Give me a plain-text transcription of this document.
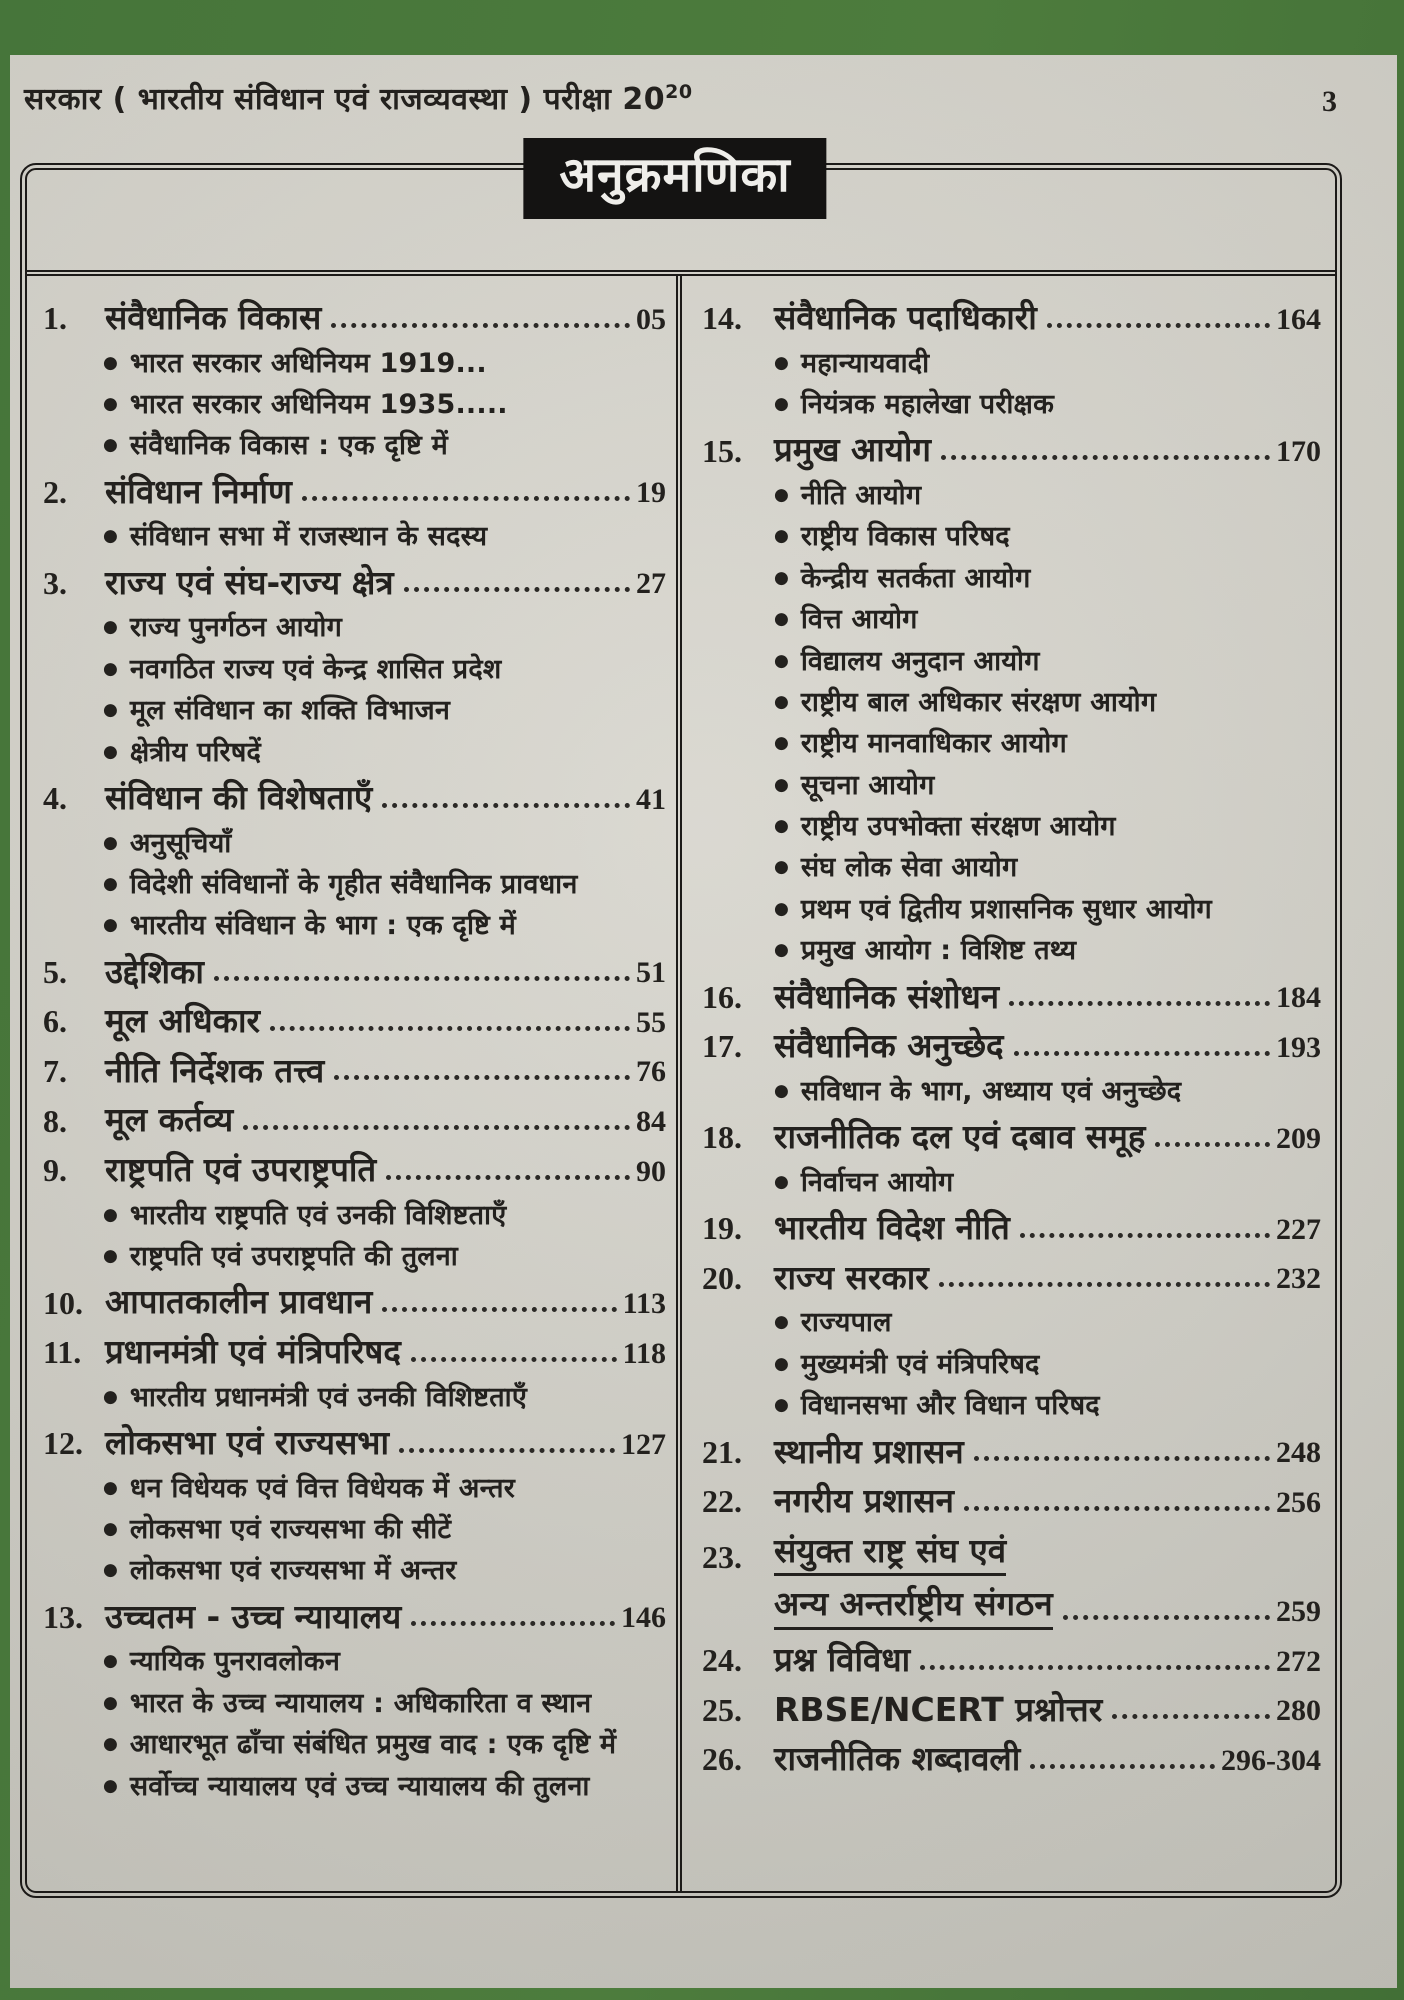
सरकार ( भारतीय संविधान एवं राजव्यवस्था ) परीक्षा $20^{20}$	3
अनुक्रमणिका
1.	संवैधानिक विकास	05
● भारत सरकार अधिनियम 1919...
● भारत सरकार अधिनियम 1935.....
● संवैधानिक विकास : एक दृष्टि में
2.	संविधान निर्माण	19
● संविधान सभा में राजस्थान के सदस्य
3.	राज्य एवं संघ-राज्य क्षेत्र	27
● राज्य पुनर्गठन आयोग
● नवगठित राज्य एवं केन्द्र शासित प्रदेश
● मूल संविधान का शक्ति विभाजन
● क्षेत्रीय परिषदें
4.	संविधान की विशेषताएँ	41
● अनुसूचियाँ
● विदेशी संविधानों के गृहीत संवैधानिक प्रावधान
● भारतीय संविधान के भाग : एक दृष्टि में
5.	उद्देशिका	51
6.	मूल अधिकार	55
7.	नीति निर्देशक तत्त्व	76
8.	मूल कर्तव्य	84
9.	राष्ट्रपति एवं उपराष्ट्रपति	90
● भारतीय राष्ट्रपति एवं उनकी विशिष्टताएँ
● राष्ट्रपति एवं उपराष्ट्रपति की तुलना
10. आपातकालीन प्रावधान	113
11. प्रधानमंत्री एवं मंत्रिपरिषद	118
● भारतीय प्रधानमंत्री एवं उनकी विशिष्टताएँ
12. लोकसभा एवं राज्यसभा	127
● धन विधेयक एवं वित्त विधेयक में अन्तर
● लोकसभा एवं राज्यसभा की सीटें
● लोकसभा एवं राज्यसभा में अन्तर
13. उच्चतम - उच्च न्यायालय	146
● न्यायिक पुनरावलोकन
● भारत के उच्च न्यायालय : अधिकारिता व स्थान
● आधारभूत ढाँचा संबंधित प्रमुख वाद : एक दृष्टि में
● सर्वोच्च न्यायालय एवं उच्च न्यायालय की तुलना
14. संवैधानिक पदाधिकारी	164
● महान्यायवादी
● नियंत्रक महालेखा परीक्षक
15. प्रमुख आयोग	170
● नीति आयोग
● राष्ट्रीय विकास परिषद
● केन्द्रीय सतर्कता आयोग
● वित्त आयोग
● विद्यालय अनुदान आयोग
● राष्ट्रीय बाल अधिकार संरक्षण आयोग
● राष्ट्रीय मानवाधिकार आयोग
● सूचना आयोग
● राष्ट्रीय उपभोक्ता संरक्षण आयोग
● संघ लोक सेवा आयोग
● प्रथम एवं द्वितीय प्रशासनिक सुधार आयोग
● प्रमुख आयोग : विशिष्ट तथ्य
16. संवैधानिक संशोधन	184
17. संवैधानिक अनुच्छेद	193
● सविधान के भाग, अध्याय एवं अनुच्छेद
18. राजनीतिक दल एवं दबाव समूह	209
● निर्वाचन आयोग
19. भारतीय विदेश नीति	227
20. राज्य सरकार	232
● राज्यपाल
● मुख्यमंत्री एवं मंत्रिपरिषद
● विधानसभा और विधान परिषद
21. स्थानीय प्रशासन	248
22. नगरीय प्रशासन	256
23. संयुक्त राष्ट्र संघ एवं
अन्य अन्तर्राष्ट्रीय संगठन	259
24. प्रश्न विविधा	272
25. RBSE/NCERT प्रश्नोत्तर	280
26. राजनीतिक शब्दावली	296-304
